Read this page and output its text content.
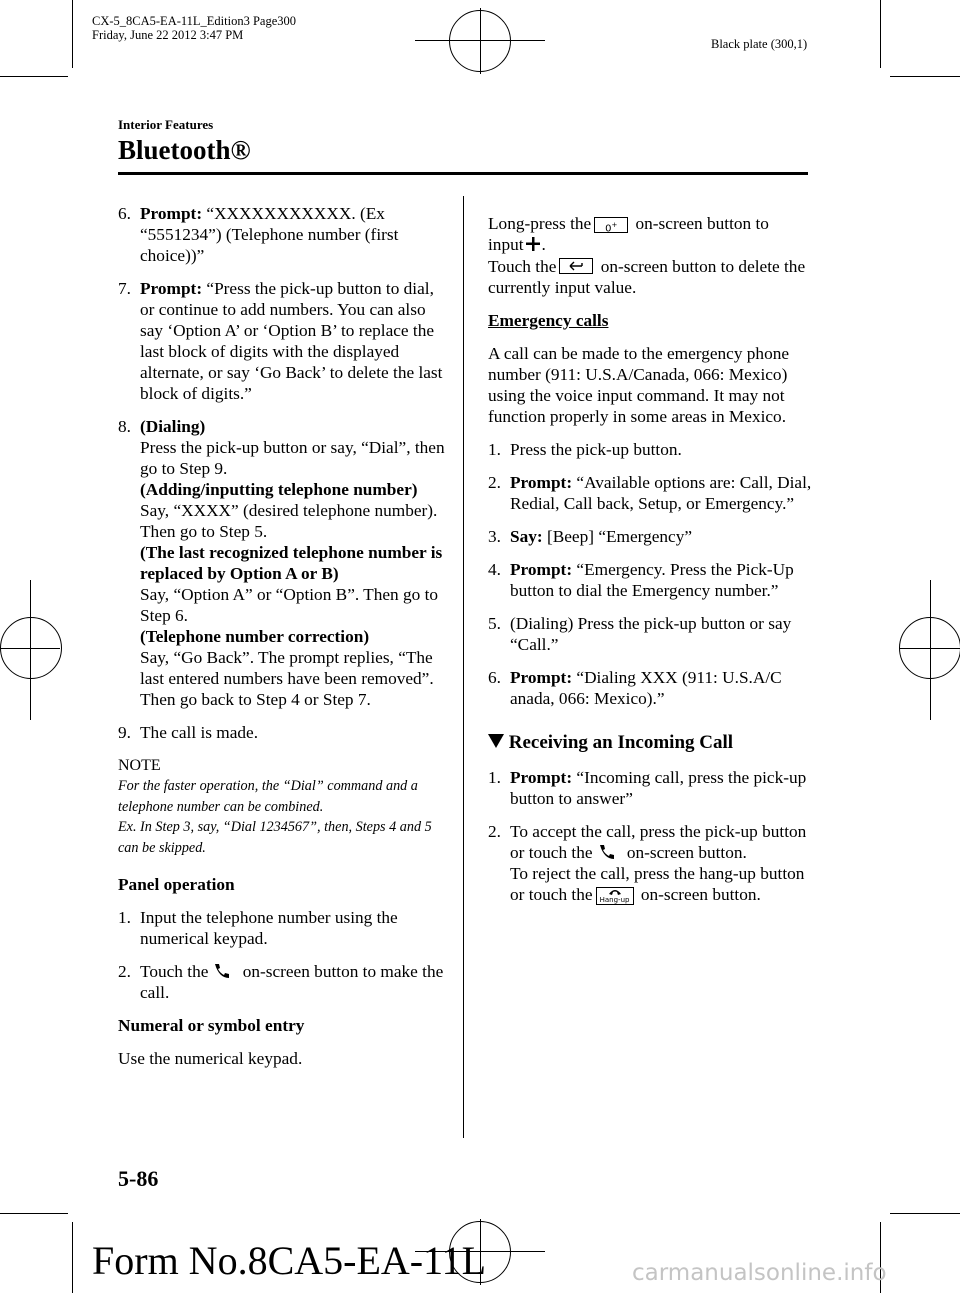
CX-5_8CA5-EA-11L_Edition3 Page300
Friday, June 22 2012 3:47 PM
Black plate (300,1)
Interior Features
Bluetooth®
6. Prompt: “XXXXXXXXXXX. (Ex “5551234”) (Telephone number (first choice))”
7. Prompt: “Press the pick-up button to dial, or continue to add numbers. You can also say ‘Option A’ or ‘Option B’ to replace the last block of digits with the displayed alternate, or say ‘Go Back’ to delete the last block of digits.”
8. (Dialing)
Press the pick-up button or say, “Dial”, then go to Step 9.
(Adding/inputting telephone number)
Say, “XXXX” (desired telephone number). Then go to Step 5.
(The last recognized telephone number is replaced by Option A or B)
Say, “Option A” or “Option B”. Then go to Step 6.
(Telephone number correction)
Say, “Go Back”. The prompt replies, “The last entered numbers have been removed”. Then go back to Step 4 or Step 7.
9. The call is made.
NOTE
For the faster operation, the “Dial” command and a telephone number can be combined.
Ex. In Step 3, say, “Dial 1234567”, then, Steps 4 and 5 can be skipped.
Panel operation
1. Input the telephone number using the numerical keypad.
2. Touch the on-screen button to make the call.
Numeral or symbol entry
Use the numerical keypad.
Long-press the 0+ on-screen button to
input .
Touch the
on-screen button to delete the currently input value.
Emergency calls
A call can be made to the emergency phone number (911: U.S.A/Canada, 066: Mexico) using the voice input command. It may not function properly in some areas in Mexico.
1. Press the pick-up button.
2. Prompt: “Available options are: Call, Dial, Redial, Call back, Setup, or Emergency.”
3. Say: [Beep] “Emergency”
4. Prompt: “Emergency. Press the Pick-Up button to dial the Emergency number.”
5. (Dialing) Press the pick-up button or say “Call.”
6. Prompt: “Dialing XXX (911: U.S.A/C anada, 066: Mexico).”
Receiving an Incoming Call
1. Prompt: “Incoming call, press the pick-up button to answer”
2. To accept the call, press the pick-up button or touch the on-screen button.
To reject the call, press the hang-up button or touch the	Hang-up on-screen button.
5-86
Form No.8CA5-EA-11L	carmanualsonline.info
